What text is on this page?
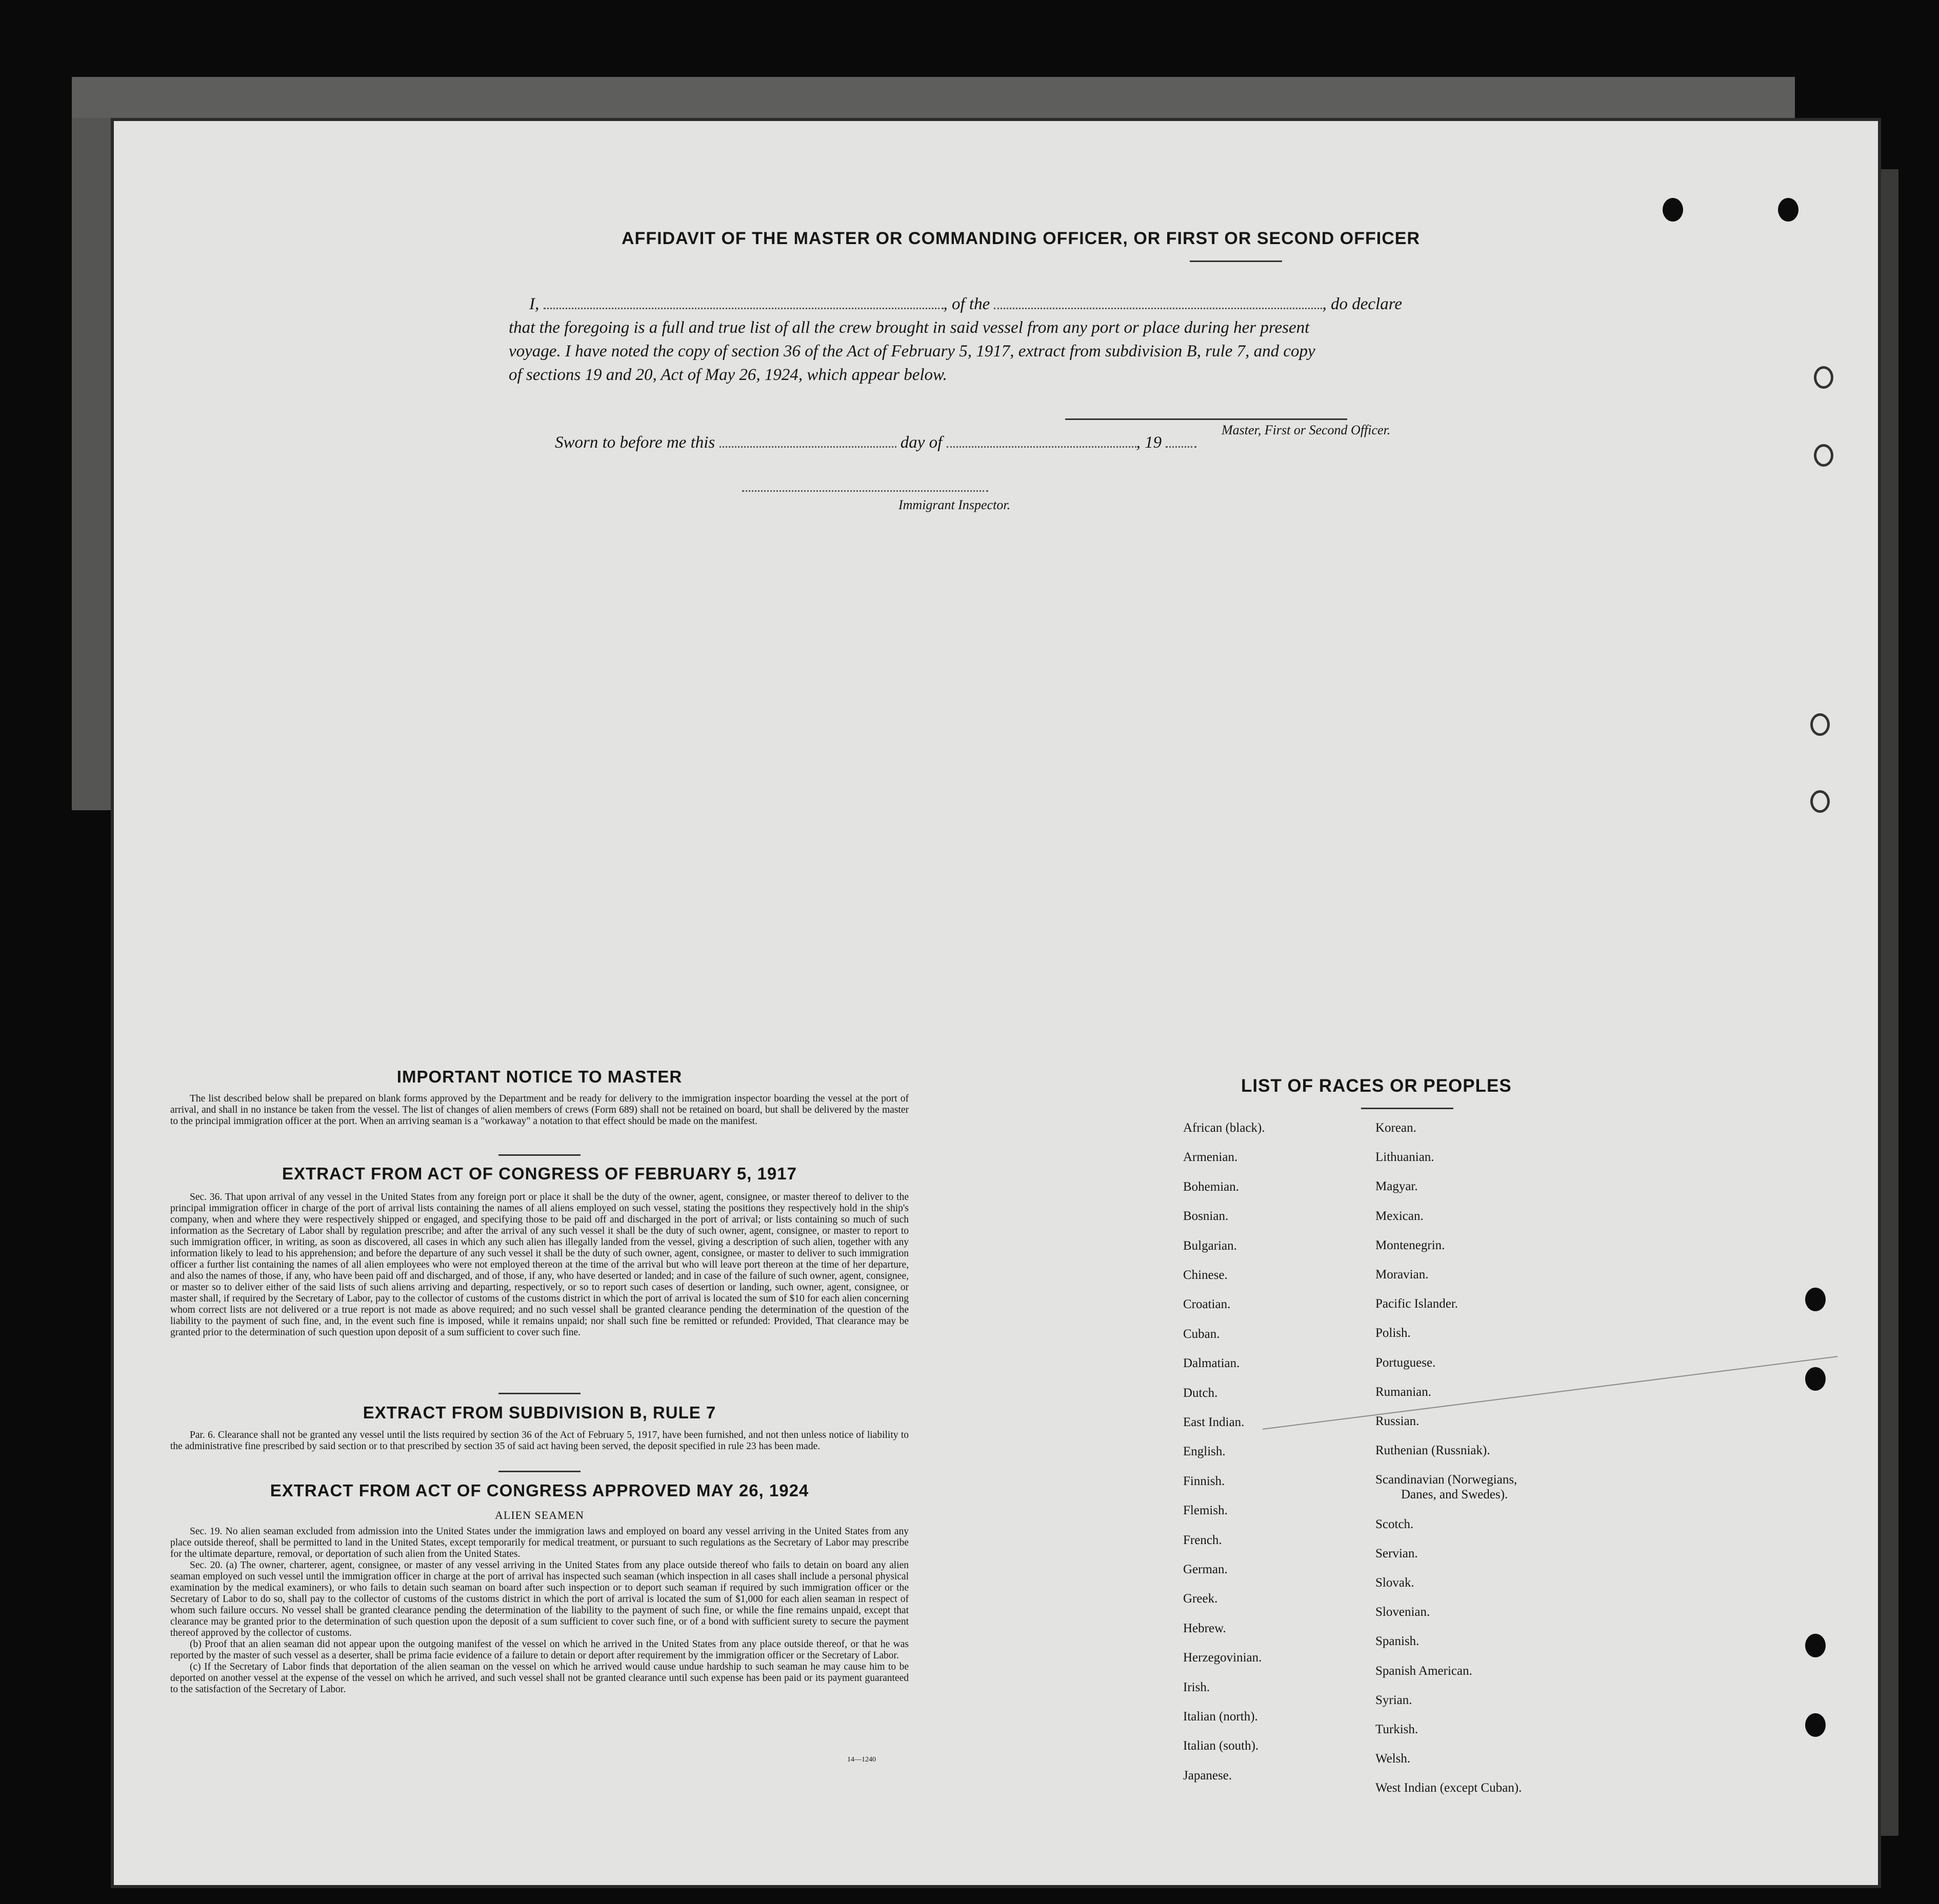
AFFIDAVIT OF THE MASTER OR COMMANDING OFFICER, OR FIRST OR SECOND OFFICER
I,	, of the	, do declare
that the foregoing is a full and true list of all the crew brought in said vessel from any port or place during her present
voyage. I have noted the copy of section 36 of the Act of February 5, 1917, extract from subdivision B, rule 7, and copy
of sections 19 and 20, Act of May 26, 1924, which appear below.
Master, First or Second Officer.
Sworn to before me this	day of	, 19
Immigrant Inspector.
IMPORTANT NOTICE TO MASTER
The list described below shall be prepared on blank forms approved by the Department and be ready for delivery to the immigration inspector boarding the vessel at the port of arrival, and shall in no instance be taken from the vessel. The list of changes of alien members of crews (Form 689) shall not be retained on board, but shall be delivered by the master to the principal immigration officer at the port. When an arriving seaman is a "workaway" a notation to that effect should be made on the manifest.
EXTRACT FROM ACT OF CONGRESS OF FEBRUARY 5, 1917
Sec. 36. That upon arrival of any vessel in the United States from any foreign port or place it shall be the duty of the owner, agent, consignee, or master thereof to deliver to the principal immigration officer in charge of the port of arrival lists containing the names of all aliens employed on such vessel, stating the positions they respectively hold in the ship's company, when and where they were respectively shipped or engaged, and specifying those to be paid off and discharged in the port of arrival; or lists containing so much of such information as the Secretary of Labor shall by regulation prescribe; and after the arrival of any such vessel it shall be the duty of such owner, agent, consignee, or master to report to such immigration officer, in writing, as soon as discovered, all cases in which any such alien has illegally landed from the vessel, giving a description of such alien, together with any information likely to lead to his apprehension; and before the departure of any such vessel it shall be the duty of such owner, agent, consignee, or master to deliver to such immigration officer a further list containing the names of all alien employees who were not employed thereon at the time of the arrival but who will leave port thereon at the time of her departure, and also the names of those, if any, who have been paid off and discharged, and of those, if any, who have deserted or landed; and in case of the failure of such owner, agent, consignee, or master so to deliver either of the said lists of such aliens arriving and departing, respectively, or so to report such cases of desertion or landing, such owner, agent, consignee, or master shall, if required by the Secretary of Labor, pay to the collector of customs of the customs district in which the port of arrival is located the sum of $10 for each alien concerning whom correct lists are not delivered or a true report is not made as above required; and no such vessel shall be granted clearance pending the determination of the question of the liability to the payment of such fine, and, in the event such fine is imposed, while it remains unpaid; nor shall such fine be remitted or refunded: Provided, That clearance may be granted prior to the determination of such question upon deposit of a sum sufficient to cover such fine.
EXTRACT FROM SUBDIVISION B, RULE 7
Par. 6. Clearance shall not be granted any vessel until the lists required by section 36 of the Act of February 5, 1917, have been furnished, and not then unless notice of liability to the administrative fine prescribed by said section or to that prescribed by section 35 of said act having been served, the deposit specified in rule 23 has been made.
EXTRACT FROM ACT OF CONGRESS APPROVED MAY 26, 1924
ALIEN SEAMEN
Sec. 19. No alien seaman excluded from admission into the United States under the immigration laws and employed on board any vessel arriving in the United States from any place outside thereof, shall be permitted to land in the United States, except temporarily for medical treatment, or pursuant to such regulations as the Secretary of Labor may prescribe for the ultimate departure, removal, or deportation of such alien from the United States.
Sec. 20. (a) The owner, charterer, agent, consignee, or master of any vessel arriving in the United States from any place outside thereof who fails to detain on board any alien seaman employed on such vessel until the immigration officer in charge at the port of arrival has inspected such seaman (which inspection in all cases shall include a personal physical examination by the medical examiners), or who fails to detain such seaman on board after such inspection or to deport such seaman if required by such immigration officer or the Secretary of Labor to do so, shall pay to the collector of customs of the customs district in which the port of arrival is located the sum of $1,000 for each alien seaman in respect of whom such failure occurs. No vessel shall be granted clearance pending the determination of the liability to the payment of such fine, or while the fine remains unpaid, except that clearance may be granted prior to the determination of such question upon the deposit of a sum sufficient to cover such fine, or of a bond with sufficient surety to secure the payment thereof approved by the collector of customs.
(b) Proof that an alien seaman did not appear upon the outgoing manifest of the vessel on which he arrived in the United States from any place outside thereof, or that he was reported by the master of such vessel as a deserter, shall be prima facie evidence of a failure to detain or deport after requirement by the immigration officer or the Secretary of Labor.
(c) If the Secretary of Labor finds that deportation of the alien seaman on the vessel on which he arrived would cause undue hardship to such seaman he may cause him to be deported on another vessel at the expense of the vessel on which he arrived, and such vessel shall not be granted clearance until such expense has been paid or its payment guaranteed to the satisfaction of the Secretary of Labor.
14—1240
LIST OF RACES OR PEOPLES
African (black).
Armenian.
Bohemian.
Bosnian.
Bulgarian.
Chinese.
Croatian.
Cuban.
Dalmatian.
Dutch.
East Indian.
English.
Finnish.
Flemish.
French.
German.
Greek.
Hebrew.
Herzegovinian.
Irish.
Italian (north).
Italian (south).
Japanese.
Korean.
Lithuanian.
Magyar.
Mexican.
Montenegrin.
Moravian.
Pacific Islander.
Polish.
Portuguese.
Rumanian.
Russian.
Ruthenian (Russniak).
Scandinavian (Norwegians,
Danes, and Swedes).
Scotch.
Servian.
Slovak.
Slovenian.
Spanish.
Spanish American.
Syrian.
Turkish.
Welsh.
West Indian (except Cuban).
